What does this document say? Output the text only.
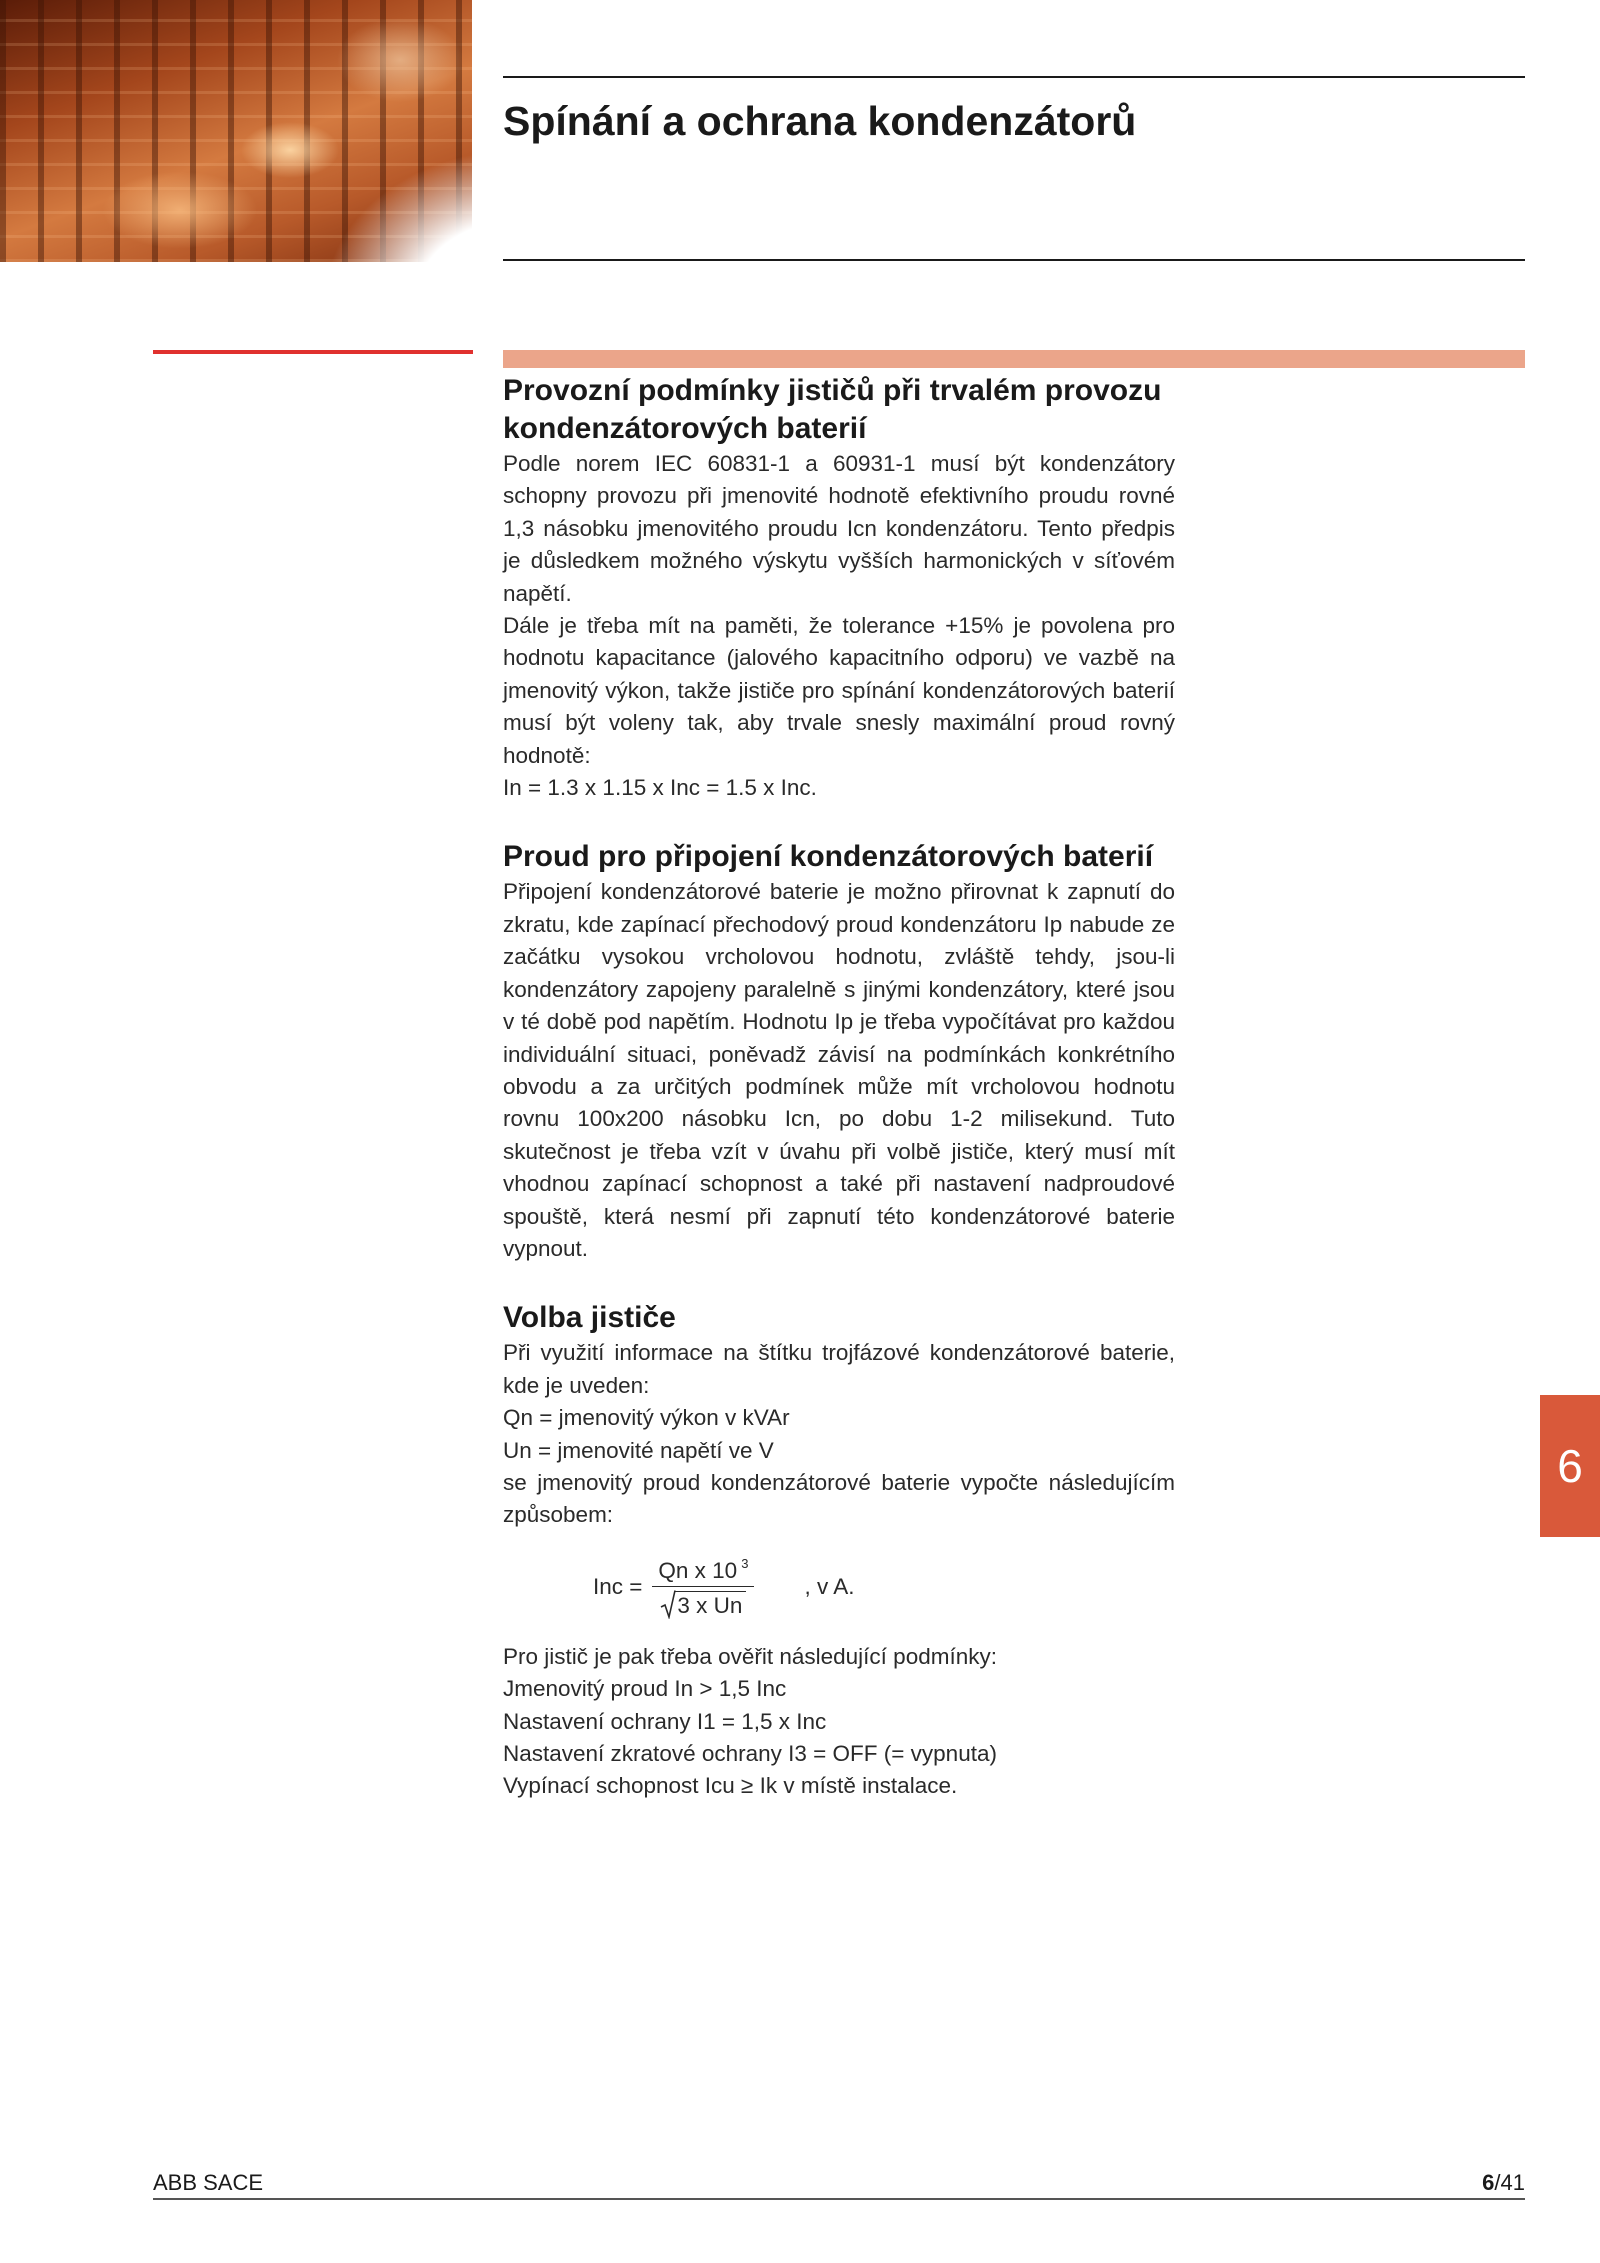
Spínání a ochrana kondenzátorů
Provozní podmínky jističů při trvalém provozu kondenzátorových baterií

Podle norem IEC 60831-1 a 60931-1 musí být kondenzátory schopny provozu při jmenovité hodnotě efektivního proudu rovné 1,3 násobku jmenovitého proudu Icn kondenzátoru. Tento předpis je důsledkem možného výskytu vyšších harmonických v síťovém napětí.

Dále je třeba mít na paměti, že tolerance +15% je povolena pro hodnotu kapacitance (jalového kapacitního odporu) ve vazbě na jmenovitý výkon, takže jističe pro spínání kondenzátorových baterií musí být voleny tak, aby trvale snesly maximální proud rovný hodnotě:

In = 1.3 x 1.15 x Inc = 1.5 x Inc.

Proud pro připojení kondenzátorových baterií

Připojení kondenzátorové baterie je možno přirovnat k zapnutí do zkratu, kde zapínací přechodový proud kondenzátoru Ip nabude ze začátku vysokou vrcholovou hodnotu, zvláště tehdy, jsou-li kondenzátory zapojeny paralelně s jinými kondenzátory, které jsou v té době pod napětím. Hodnotu Ip je třeba vypočítávat pro každou individuální situaci, poněvadž závisí na podmínkách konkrétního obvodu a za určitých podmínek může mít vrcholovou hodnotu rovnu 100x200 násobku Icn, po dobu 1-2 milisekund. Tuto skutečnost je třeba vzít v úvahu při volbě jističe, který musí mít vhodnou zapínací schopnost a také při nastavení nadproudové spouště, která nesmí při zapnutí této kondenzátorové baterie vypnout.

Volba jističe

Při využití informace na štítku trojfázové kondenzátorové baterie, kde je uveden:

Qn = jmenovitý výkon v kVAr
Un = jmenovité napětí ve V

se jmenovitý proud kondenzátorové baterie vypočte následujícím způsobem:

Inc = $\frac{Qn x 10 ^3}{\text{3 x Un}}$ , v A.
Pro jistič je pak třeba ověřit následující podmínky:
Jmenovitý proud In > 1,5 Inc
Nastavení ochrany I1 = 1,5 x Inc
Nastavení zkratové ochrany I3 = OFF (= vypnuta)
Vypínací schopnost Icu ≥ Ik v místě instalace.
6
ABB SACE	6/41
